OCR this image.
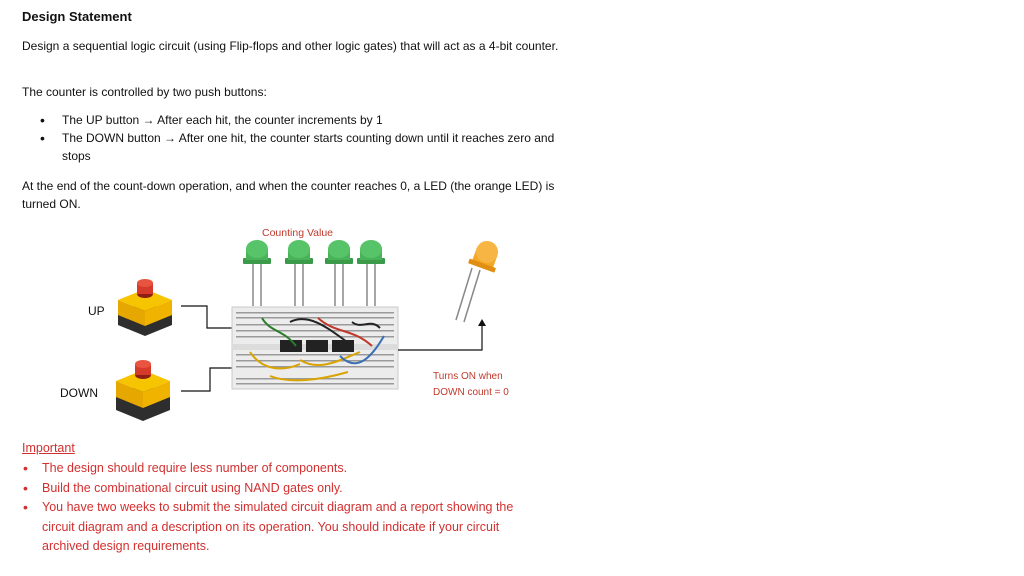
Design Statement
Design a sequential logic circuit (using Flip-flops and other logic gates) that will act as a 4-bit counter.
The counter is controlled by two push buttons:
• The UP button → After each hit, the counter increments by 1
• The DOWN button → After one hit, the counter starts counting down until it reaches zero and stops
At the end of the count-down operation, and when the counter reaches 0, a LED (the orange LED) is turned ON.
Counting Value
UP
DOWN
Turns ON when
DOWN count = 0
Important
• The design should require less number of components.
• Build the combinational circuit using NAND gates only.
• You have two weeks to submit the simulated circuit diagram and a report showing the circuit diagram and a description on its operation. You should indicate if your circuit archived design requirements.
